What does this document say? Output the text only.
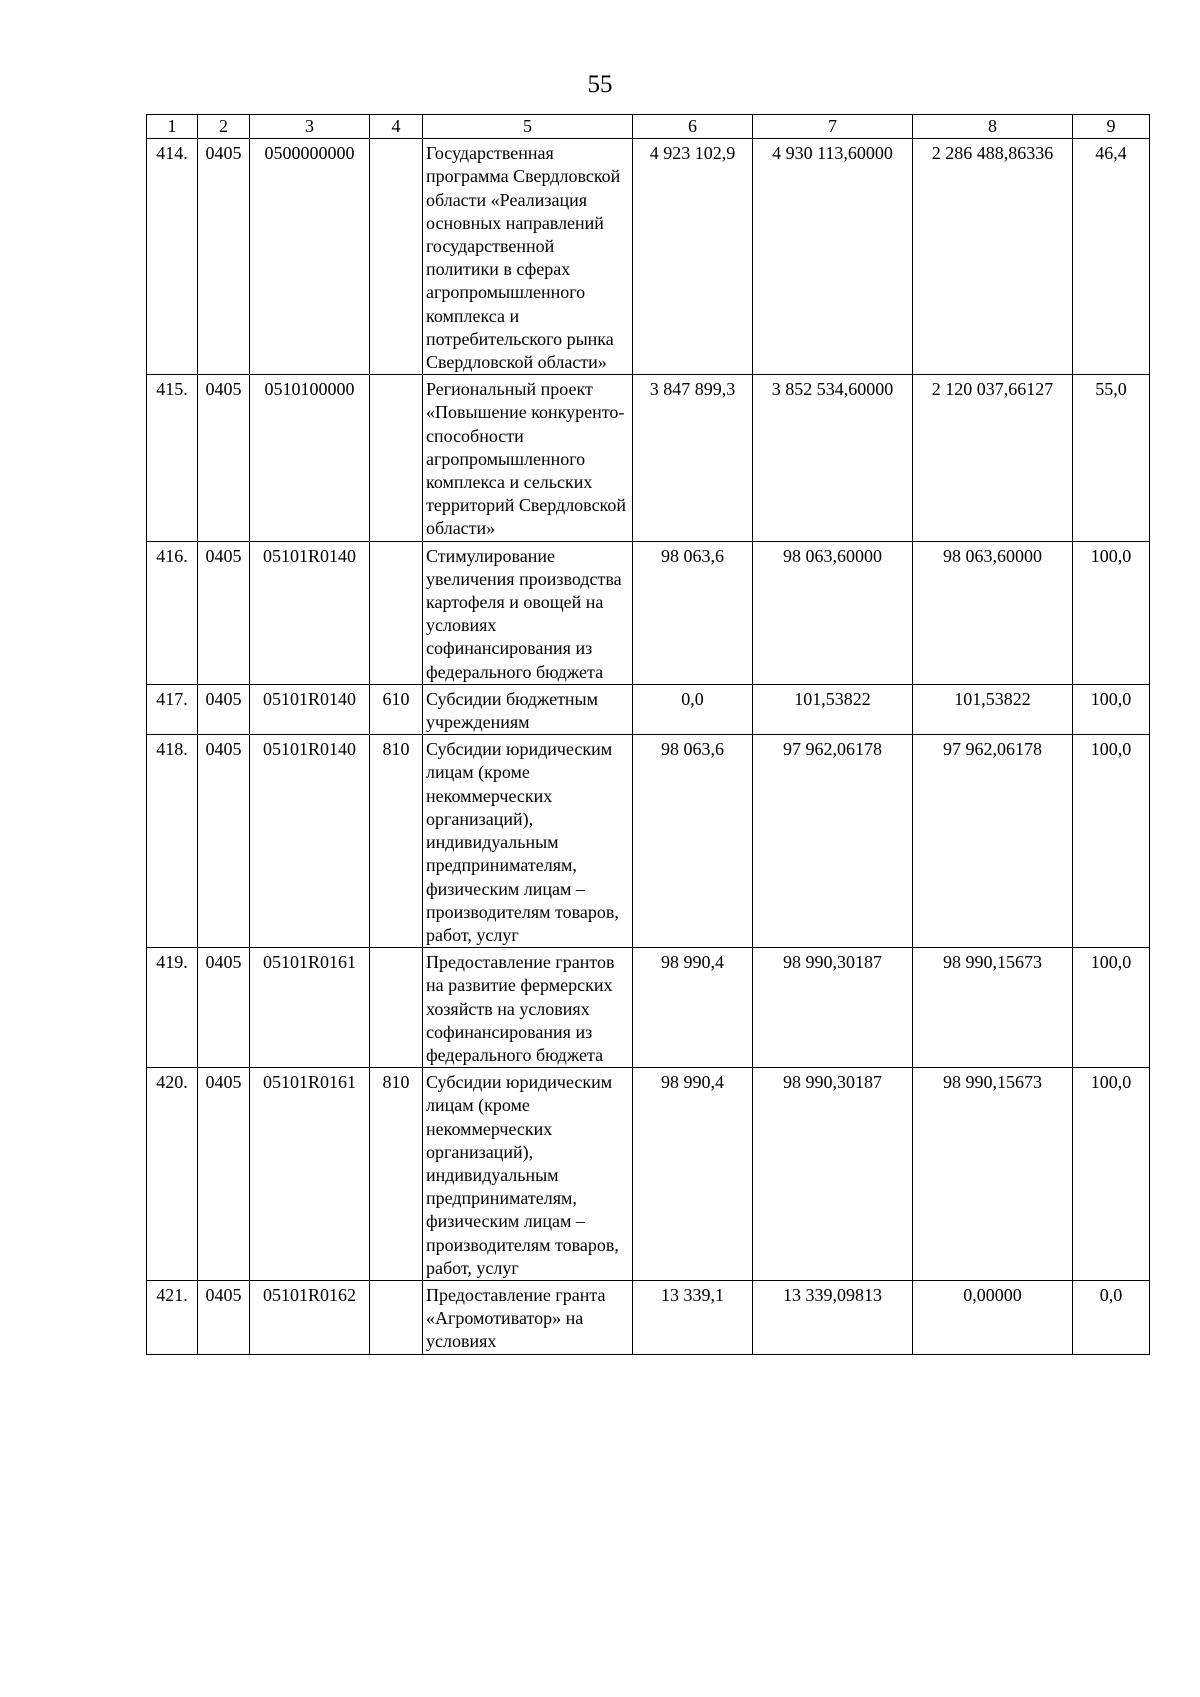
55
1	2	3	4	5	6	7	8	9
414.	0405	0500000000		Государственная программа Свердловской области «Реализация основных направлений государственной политики в сферах агропромышленного комплекса и потребительского рынка Свердловской области»	4 923 102,9	4 930 113,60000	2 286 488,86336	46,4
415.	0405	0510100000		Региональный проект «Повышение конкуренто-способности агропромышленного комплекса и сельских территорий Свердловской области»	3 847 899,3	3 852 534,60000	2 120 037,66127	55,0
416.	0405	05101R0140		Стимулирование увеличения производства картофеля и овощей на условиях софинансирования из федерального бюджета	98 063,6	98 063,60000	98 063,60000	100,0
417.	0405	05101R0140	610	Субсидии бюджетным учреждениям	0,0	101,53822	101,53822	100,0
418.	0405	05101R0140	810	Субсидии юридическим лицам (кроме некоммерческих организаций), индивидуальным предпринимателям, физическим лицам – производителям товаров, работ, услуг	98 063,6	97 962,06178	97 962,06178	100,0
419.	0405	05101R0161		Предоставление грантов на развитие фермерских хозяйств на условиях софинансирования из федерального бюджета	98 990,4	98 990,30187	98 990,15673	100,0
420.	0405	05101R0161	810	Субсидии юридическим лицам (кроме некоммерческих организаций), индивидуальным предпринимателям, физическим лицам – производителям товаров, работ, услуг	98 990,4	98 990,30187	98 990,15673	100,0
421.	0405	05101R0162		Предоставление гранта «Агромотиватор» на условиях	13 339,1	13 339,09813	0,00000	0,0
